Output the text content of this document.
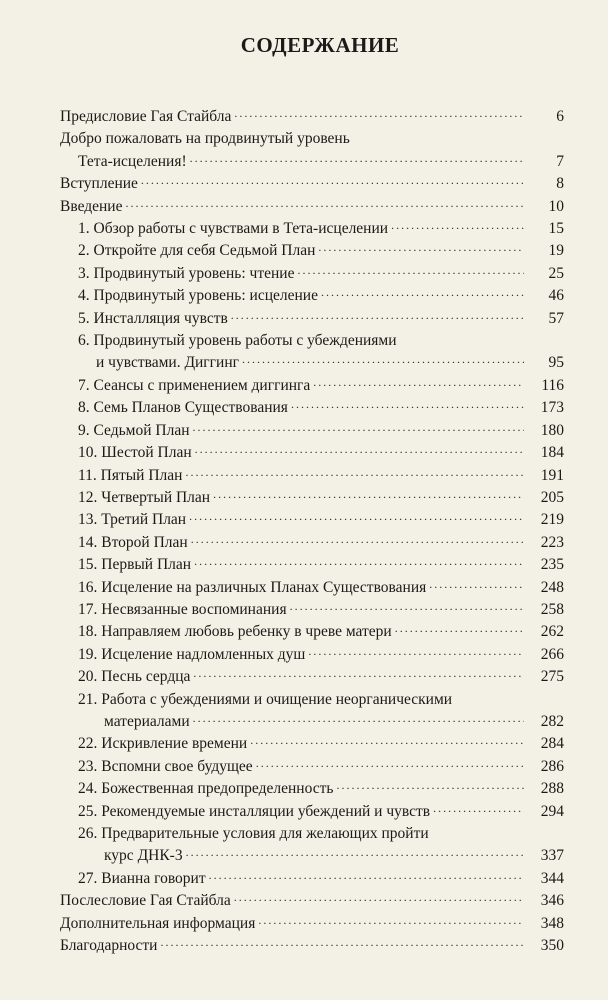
СОДЕРЖАНИЕ
Предисловие Гая Стайбла .....	6
Добро пожаловать на продвинутый уровень
Тета-исцеления! .....	7
Вступление .....	8
Введение .....	10
1. Обзор работы с чувствами в Тета-исцелении .....	15
2. Откройте для себя Седьмой План .....	19
3. Продвинутый уровень: чтение .....	25
4. Продвинутый уровень: исцеление .....	46
5. Инсталляция чувств .....	57
6. Продвинутый уровень работы с убеждениями
и чувствами. Диггинг .....	95
7. Сеансы с применением диггинга .....	116
8. Семь Планов Существования .....	173
9. Седьмой План .....	180
10. Шестой План .....	184
11. Пятый План .....	191
12. Четвертый План .....	205
13. Третий План .....	219
14. Второй План .....	223
15. Первый План .....	235
16. Исцеление на различных Планах Существования .....	248
17. Несвязанные воспоминания .....	258
18. Направляем любовь ребенку в чреве матери .....	262
19. Исцеление надломленных душ .....	266
20. Песнь сердца .....	275
21. Работа с убеждениями и очищение неорганическими
материалами .....	282
22. Искривление времени .....	284
23. Вспомни свое будущее .....	286
24. Божественная предопределенность .....	288
25. Рекомендуемые инсталляции убеждений и чувств .....	294
26. Предварительные условия для желающих пройти
курс ДНК-3 .....	337
27. Вианна говорит .....	344
Послесловие Гая Стайбла .....	346
Дополнительная информация .....	348
Благодарности .....	350
